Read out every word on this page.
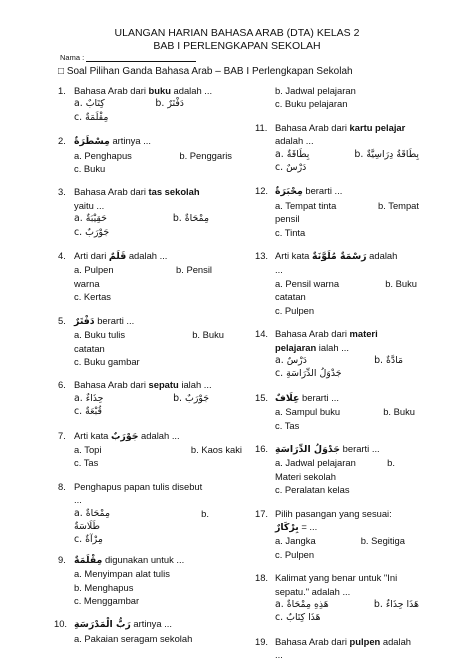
ULANGAN HARIAN BAHASA ARAB (DTA) KELAS 2
BAB I PERLENGKAPAN SEKOLAH
Nama :
□ Soal Pilihan Ganda Bahasa Arab – BAB I Perlengkapan Sekolah
1. Bahasa Arab dari buku adalah ...
a. كِتَابٌ	b. دَفْتَرٌ
c. مِقْلَمَةٌ
2. مِسْطَرَةٌ artinya ...
a. Penghapus	b. Penggaris
c. Buku
3. Bahasa Arab dari tas sekolah
yaitu ...
a. حَقِيْبَةٌ	b. مِمْحَاةٌ
c. جَوْرَبٌ
4. Arti dari قَلَمٌ adalah ...
a. Pulpen	b. Pensil
warna
c. Kertas
5. دَفْتَرٌ berarti ...
a. Buku tulis	b. Buku
catatan
c. Buku gambar
6. Bahasa Arab dari sepatu ialah ...
a. حِذَاءٌ	b. جَوْرَبٌ
c. قُبْعَةٌ
7. Arti kata جَوْرَبٌ adalah ...
a. Topi	b. Kaos kaki
c. Tas
8. Penghapus papan tulis disebut
...
a. مِمْحَاةٌ	b.
طَلَاسَةٌ
c. مِرْآةٌ
9. مِقْلَمَةٌ digunakan untuk ...
a. Menyimpan alat tulis
b. Menghapus
c. Menggambar
10. رَبُّ الْمَدْرَسَةِ artinya ...
a. Pakaian seragam sekolah
b. Jadwal pelajaran
c. Buku pelajaran
11. Bahasa Arab dari kartu pelajar
adalah ...
a. بِطَاقَةٌ	b. بِطَاقَةُ دِرَاسِيَّةٌ
c. دَرْسٌ
12. مِحْبَرَةٌ berarti ...
a. Tempat tinta	b. Tempat
pensil
c. Tinta
13. Arti kata رَسْمَةٌ مُلَوَّنَةٌ adalah
...
a. Pensil warna	b. Buku
catatan
c. Pulpen
14. Bahasa Arab dari materi
pelajaran ialah ...
a. دَرْسٌ	b. مَادَّةٌ
c. جَدْوَلُ الدِّرَاسَةِ
15. عِلَافٌ berarti ...
a. Sampul buku	b. Buku
c. Tas
16. جَدْوَلُ الدِّرَاسَةِ berarti ...
a. Jadwal pelajaran	b.
Materi sekolah
c. Peralatan kelas
17. Pilih pasangan yang sesuai:
بِرْكَارٌ = ...
a. Jangka	b. Segitiga
c. Pulpen
18. Kalimat yang benar untuk "Ini
sepatu." adalah ...
a. هَذِهِ مِمْحَاةٌ	b. هَذَا حِذَاءٌ
c. هَذَا كِتَابٌ
19. Bahasa Arab dari pulpen adalah
...
